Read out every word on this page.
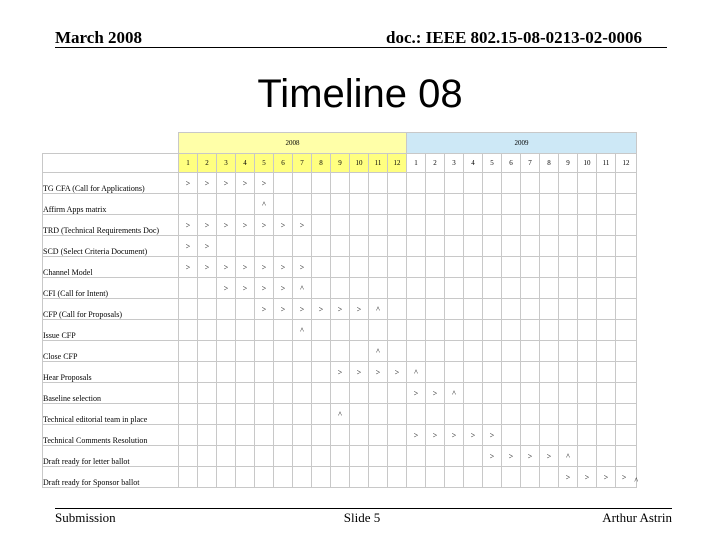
March 2008	doc.: IEEE 802.15-08-0213-02-0006
Timeline 08
	2008												2009											
	1	2	3	4	5	6	7	8	9	10	11	12	1	2	3	4	5	6	7	8	9	10	11	12
TG CFA (Call for Applications)	>	>	>	>	>																			
Affirm Apps matrix					^																			
TRD (Technical Requirements Doc)	>	>	>	>	>	>	>																	
SCD (Select Criteria Document)	>	>																						
Channel Model	>	>	>	>	>	>	>																	
CFI (Call for Intent)			>	>	>	>	^																	
CFP (Call for Proposals)					>	>	>	>	>	>	^													
Issue CFP							^																	
Close CFP											^													
Hear Proposals									>	>	>	>	^											
Baseline selection													>	>	^									
Technical editorial team in place									^															
Technical Comments Resolution													>	>	>	>	>							
Draft ready for letter ballot																	>	>	>	>	^			
Draft ready for Sponsor ballot																					>	>	>	> ^
Submission	Slide 5	Arthur Astrin
